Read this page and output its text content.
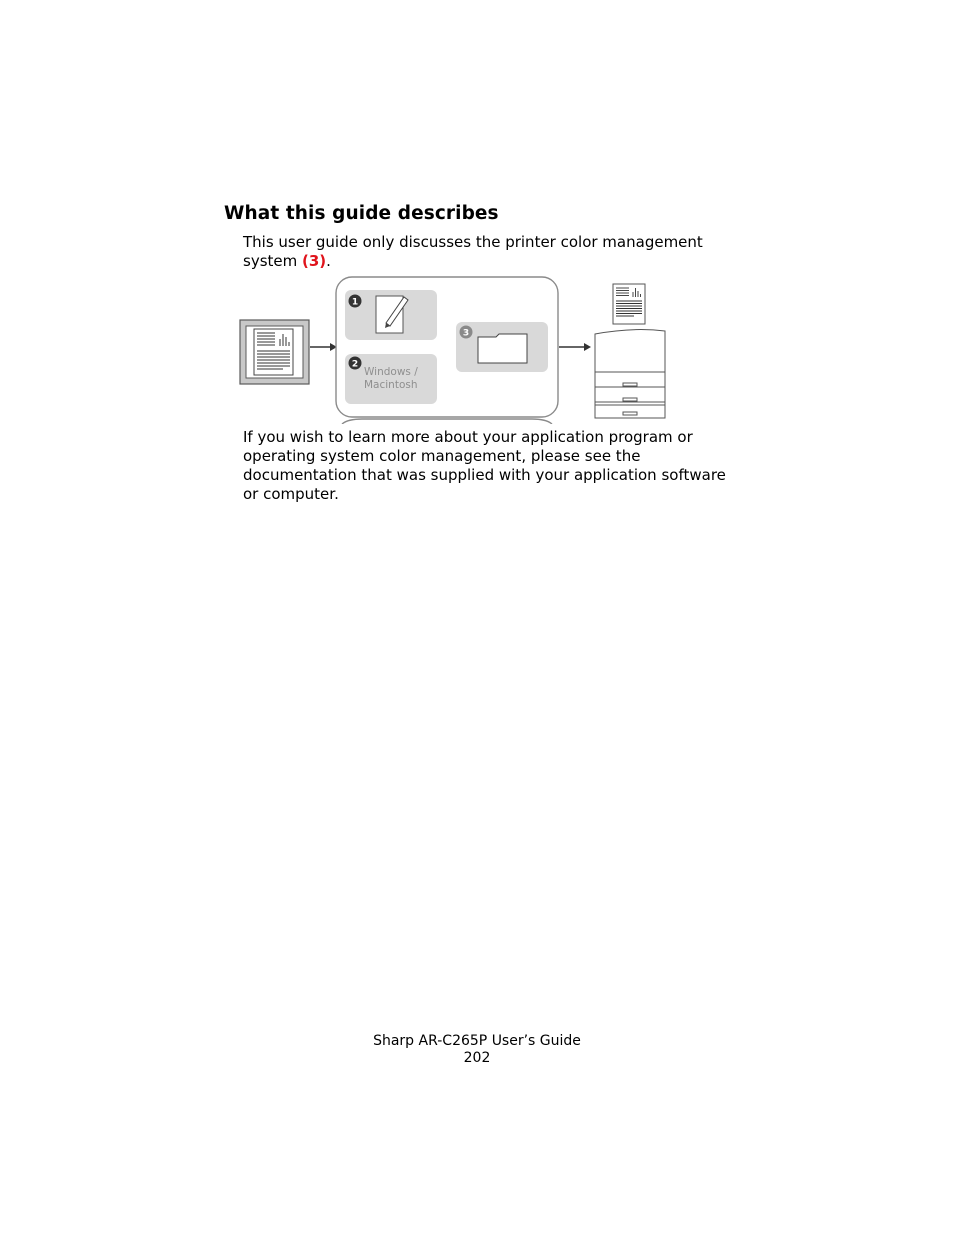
What this guide describes

This user guide only discusses the printer color management system (3).

1
2
Windows /
Macintosh
3

If you wish to learn more about your application program or operating system color management, please see the documentation that was supplied with your application software or computer.

Sharp AR-C265P User’s Guide
202
